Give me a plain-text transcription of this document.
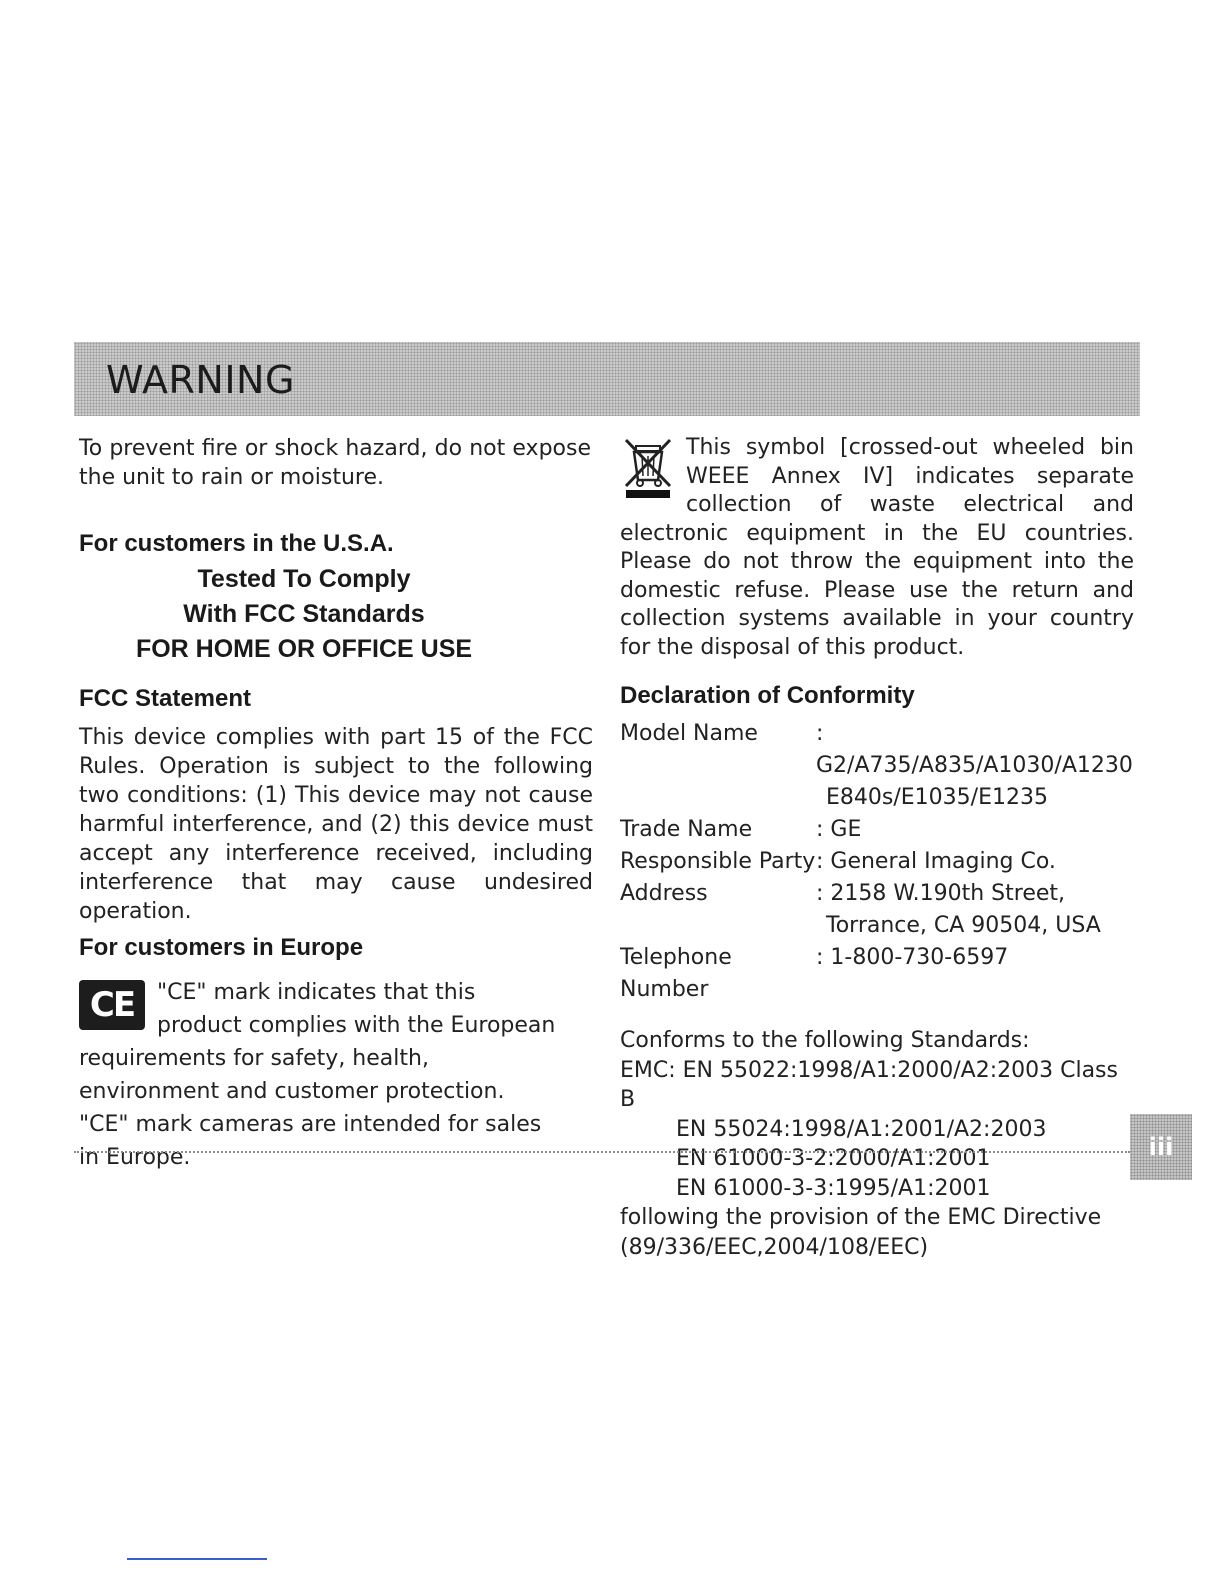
WARNING
To prevent fire or shock hazard, do not expose the unit to rain or moisture.
For customers in the U.S.A.
Tested To Comply
With FCC Standards
FOR HOME OR OFFICE USE
FCC Statement
This device complies with part 15 of the FCC Rules. Operation is subject to the following two conditions: (1) This device may not cause harmful interference, and (2) this device must accept any interference received, including interference that may cause undesired operation.
For customers in Europe
CE	"CE" mark indicates that this product complies with the European requirements for safety, health, environment and customer protection. "CE" mark cameras are intended for sales in Europe.
This symbol [crossed-out wheeled bin WEEE Annex IV] indicates separate collection of waste electrical and electronic equipment in the EU countries. Please do not throw the equipment into the domestic refuse. Please use the return and collection systems available in your country for the disposal of this product.
Declaration of Conformity
Model Name	: G2/A735/A835/A1030/A1230
E840s/E1035/E1235
Trade Name	: GE
Responsible Party : General Imaging Co.
Address	: 2158 W.190th Street,
Torrance, CA 90504, USA
Telephone Number
: 1-800-730-6597
Conforms to the following Standards:
EMC: EN 55022:1998/A1:2000/A2:2003 Class B
EN 55024:1998/A1:2001/A2:2003
EN 61000-3-2:2000/A1:2001
EN 61000-3-3:1995/A1:2001
following the provision of the EMC Directive
(89/336/EEC,2004/108/EEC)
iii
